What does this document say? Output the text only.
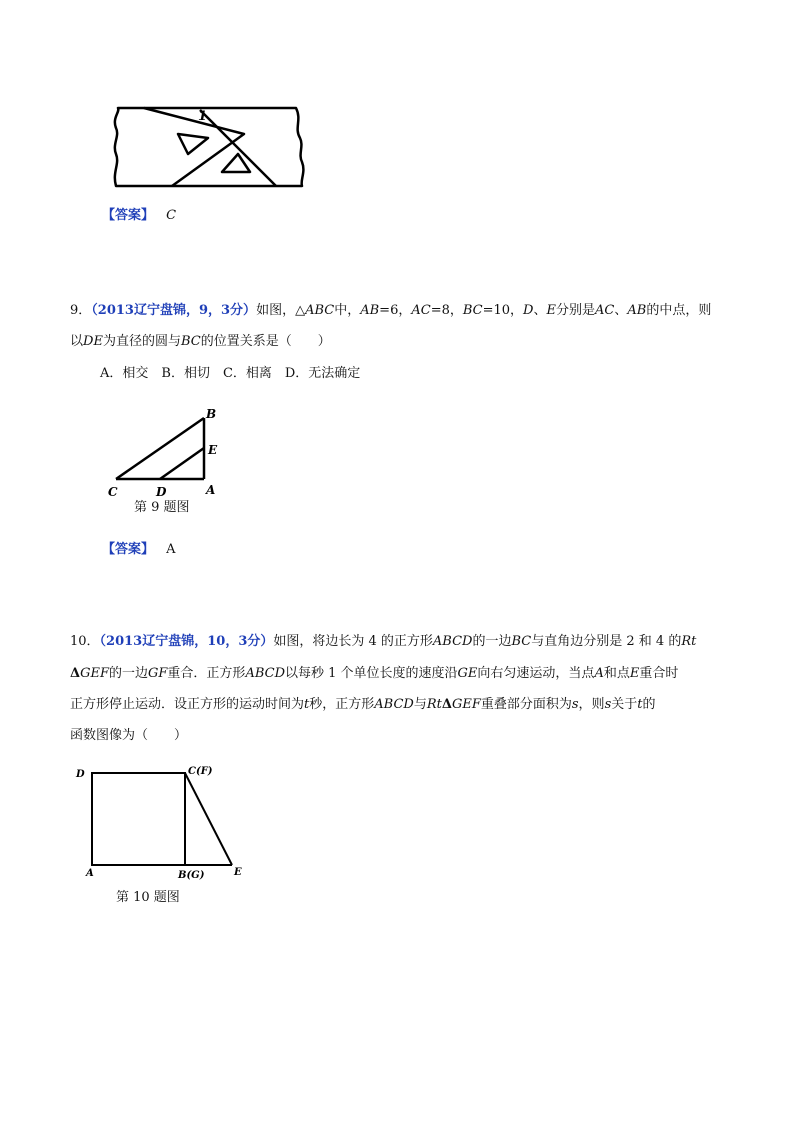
1
【答案】 C
9．（2013辽宁盘锦，9，3分）如图，△ABC中，AB=6，AC=8，BC=10，D、E分别是AC、AB的中点，则
以DE为直径的圆与BC的位置关系是（　　）
A．相交　B．相切　C．相离　D．无法确定
B
E
C	D	A
第 9 题图
【答案】 A
10．（2013辽宁盘锦，10，3分）如图，将边长为 4 的正方形ABCD的一边BC与直角边分别是 2 和 4 的Rt
ΔGEF的一边GF重合．正方形ABCD以每秒 1 个单位长度的速度沿GE向右匀速运动，当点A和点E重合时
正方形停止运动．设正方形的运动时间为t秒，正方形ABCD与RtΔGEF重叠部分面积为s，则s关于t的
函数图像为（　　）
D	C(F)
A	B(G)	E
第 10 题图
